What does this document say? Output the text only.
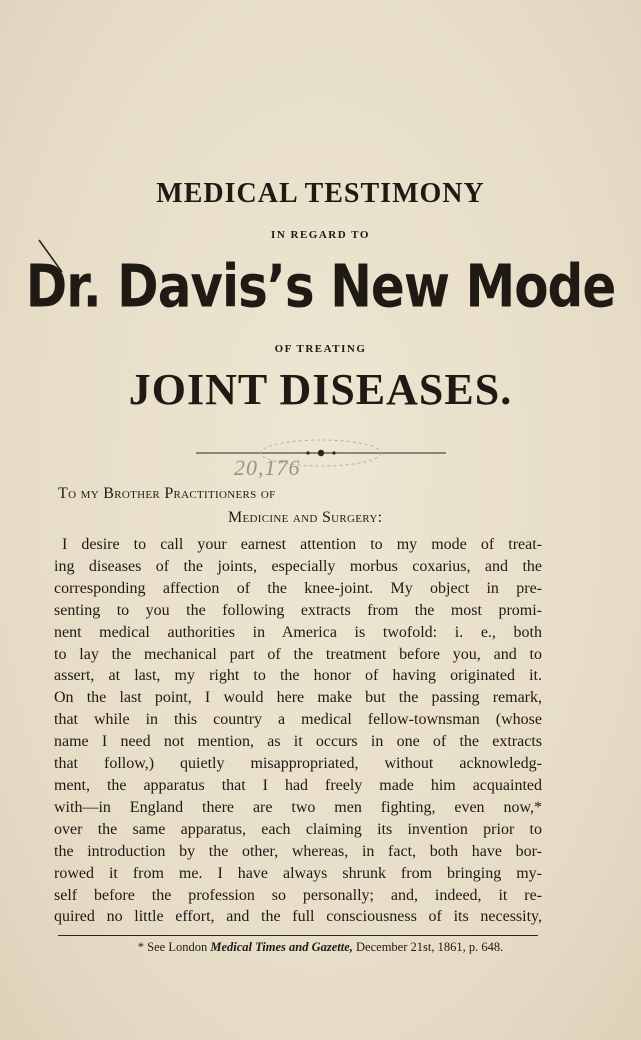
MEDICAL TESTIMONY
IN REGARD TO
Dr. Davis’s New Mode
OF TREATING
JOINT DISEASES.
20,176
To my Brother Practitioners of
Medicine and Surgery:
I desire to call your earnest attention to my mode of treat-
ing diseases of the joints, especially morbus coxarius, and the
corresponding affection of the knee-joint. My object in pre-
senting to you the following extracts from the most promi-
nent medical authorities in America is twofold: i. e., both
to lay the mechanical part of the treatment before you, and to
assert, at last, my right to the honor of having originated it.
On the last point, I would here make but the passing remark,
that while in this country a medical fellow-townsman (whose
name I need not mention, as it occurs in one of the extracts
that follow,) quietly misappropriated, without acknowledg-
ment, the apparatus that I had freely made him acquainted
with—in England there are two men fighting, even now,*
over the same apparatus, each claiming its invention prior to
the introduction by the other, whereas, in fact, both have bor-
rowed it from me. I have always shrunk from bringing my-
self before the profession so personally; and, indeed, it re-
quired no little effort, and the full consciousness of its necessity,
* See London Medical Times and Gazette, December 21st, 1861, p. 648.
